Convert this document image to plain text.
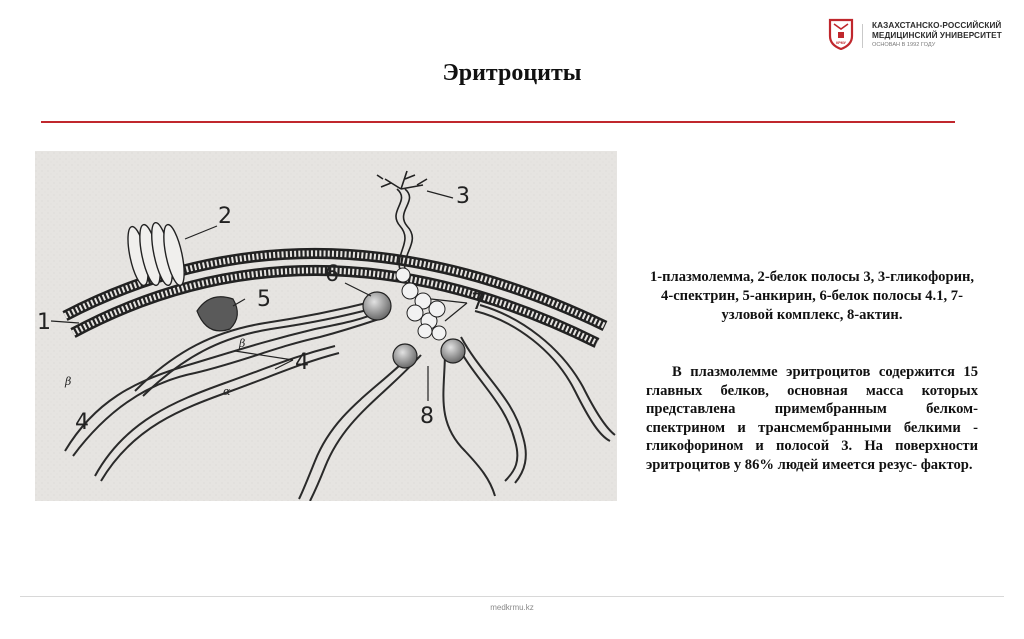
КРМУ
КАЗАХСТАНСКО-РОССИЙСКИЙ
МЕДИЦИНСКИЙ УНИВЕРСИТЕТ
ОСНОВАН В 1992 ГОДУ
Эритроциты
1
2
3
4
4
5
6
7
8
β
β
α
1-плазмолемма, 2-белок полосы 3, 3-гликофорин, 4-спектрин, 5-анкирин, 6-белок полосы 4.1, 7-узловой комплекс, 8-актин.
В плазмолемме эритроцитов содержится 15 главных белков, основная масса которых представлена примембранным белком- спектрином и трансмембранными белкими - гликофорином и полосой 3. На поверхности эритроцитов у 86% людей имеется резус- фактор.
medkrmu.kz
